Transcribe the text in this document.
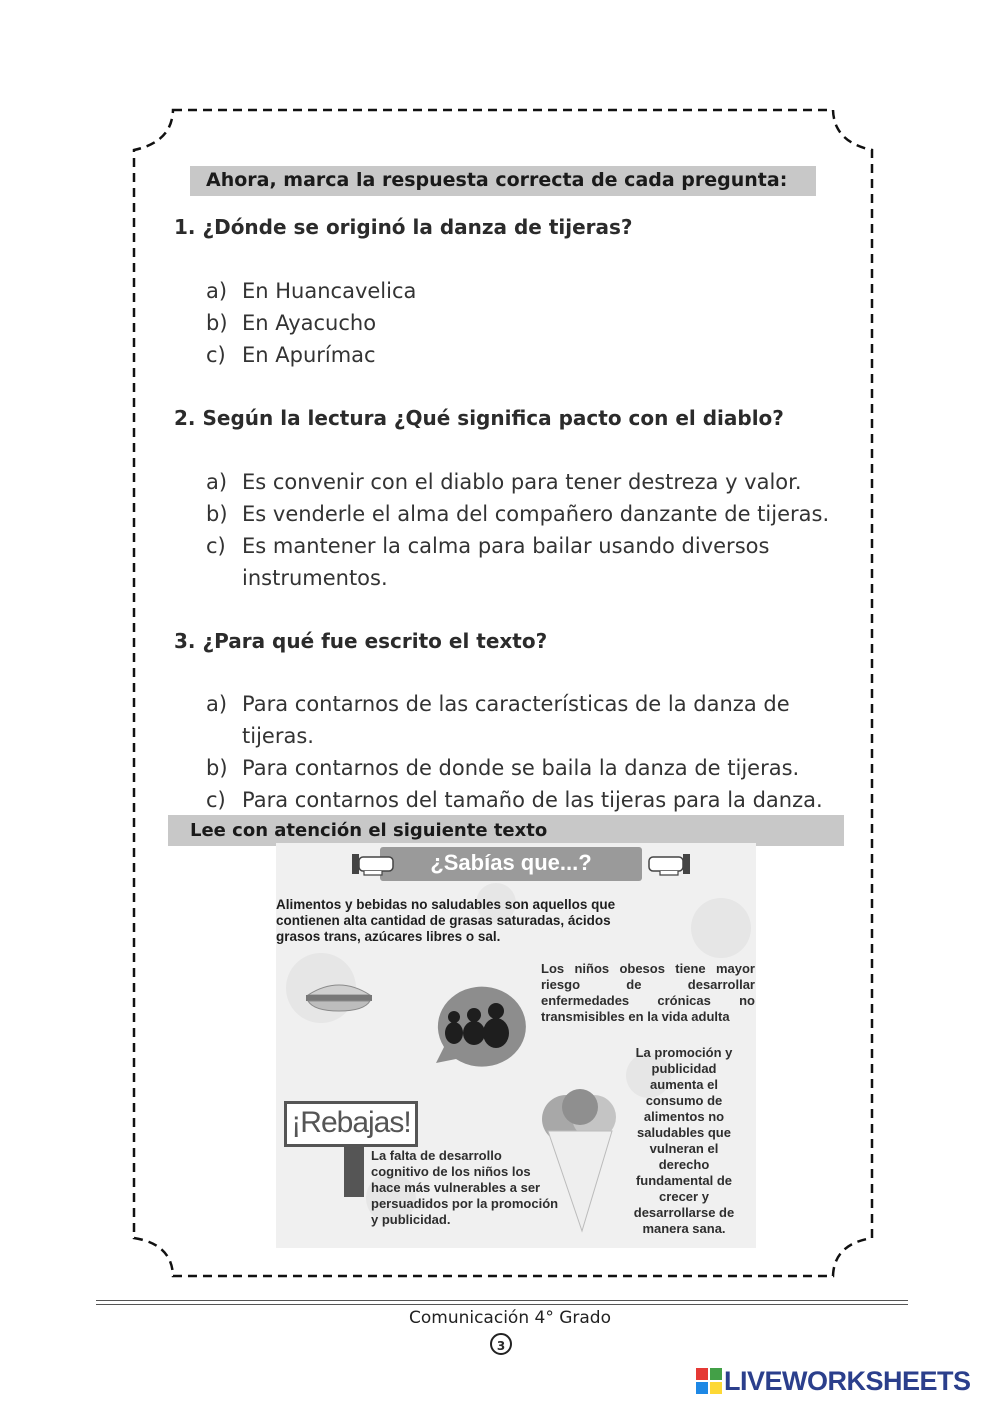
Ahora, marca la respuesta correcta de cada pregunta:
1. ¿Dónde se originó la danza de tijeras?
a) En Huancavelica
b) En Ayacucho
c) En Apurímac
2. Según la lectura ¿Qué significa pacto con el diablo?
a) Es convenir con el diablo para tener destreza y valor.
b) Es venderle el alma del compañero danzante de tijeras.
c) Es mantener la calma para bailar usando diversos instrumentos.
3. ¿Para qué fue escrito el texto?
a) Para contarnos de las características de la danza de tijeras.
b) Para contarnos de donde se baila la danza de tijeras.
c) Para contarnos del tamaño de las tijeras para la danza.
Lee con atención el siguiente texto
¿Sabías que...?
Alimentos y bebidas no saludables son aquellos que contienen alta cantidad de grasas saturadas, ácidos grasos trans, azúcares libres o sal.
Los niños obesos tiene mayor riesgo de desarrollar enfermedades crónicas no transmisibles en la vida adulta
La promoción y publicidad aumenta el consumo de alimentos no saludables que vulneran el derecho fundamental de crecer y desarrollarse de manera sana.
¡Rebajas!
La falta de desarrollo cognitivo de los niños los hace más vulnerables a ser persuadidos por la promoción y publicidad.
Comunicación 4° Grado
3
LIVEWORKSHEETS
